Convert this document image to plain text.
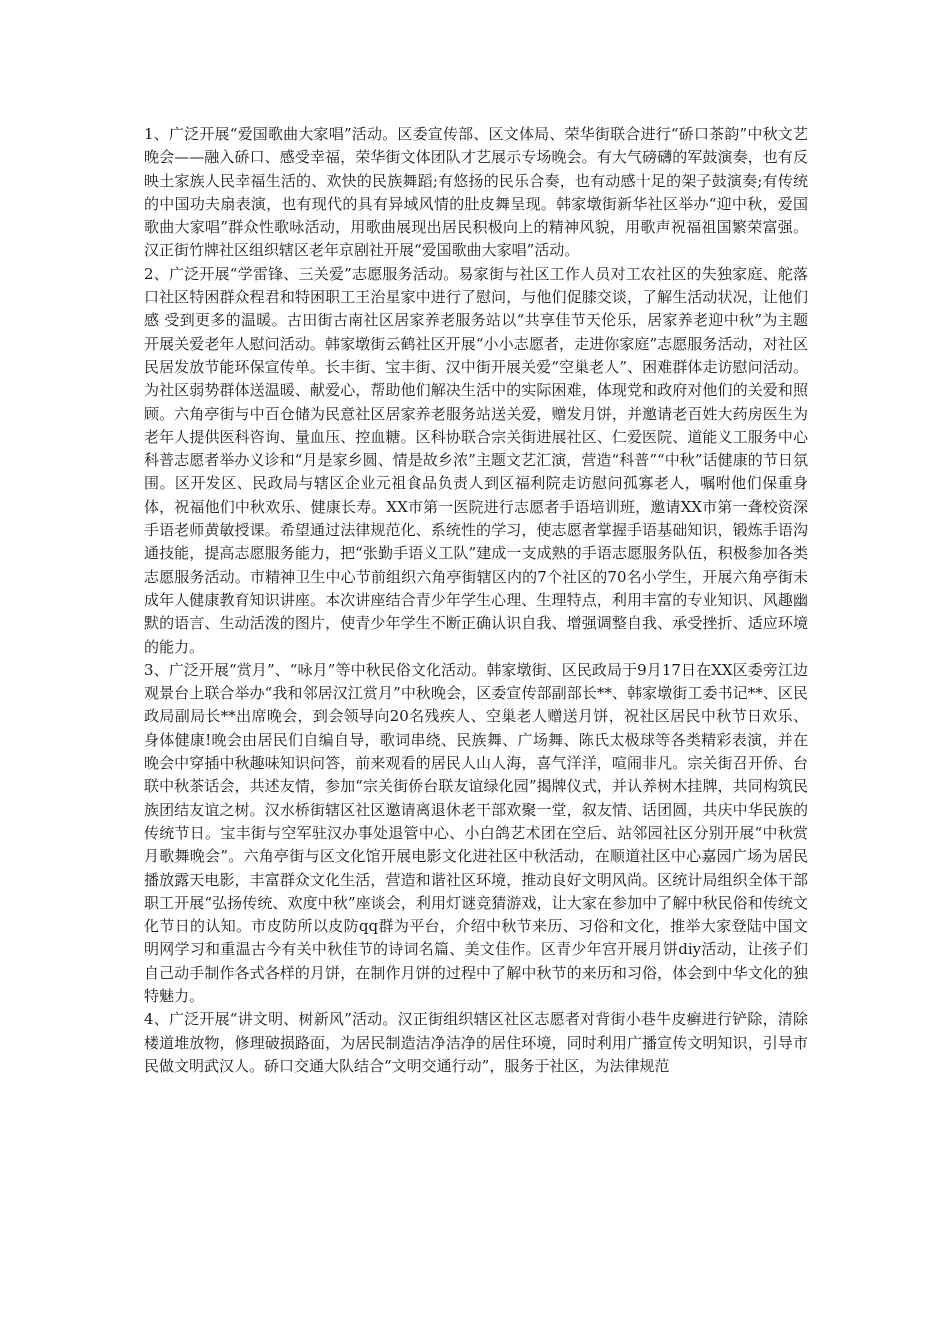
1、广泛开展“爱国歌曲大家唱”活动。区委宣传部、区文体局、荣华街联合进行“硚口茶韵”中秋文艺晚会——融入硚口、感受幸福，荣华街文体团队才艺展示专场晚会。有大气磅礴的军鼓演奏，也有反映土家族人民幸福生活的、欢快的民族舞蹈;有悠扬的民乐合奏，也有动感十足的架子鼓演奏;有传统的中国功夫扇表演，也有现代的具有异域风情的肚皮舞呈现。韩家墩街新华社区举办“迎中秋，爱国歌曲大家唱”群众性歌咏活动，用歌曲展现出居民积极向上的精神风貌，用歌声祝福祖国繁荣富强。汉正街竹牌社区组织辖区老年京剧社开展“爱国歌曲大家唱”活动。

2、广泛开展“学雷锋、三关爱”志愿服务活动。易家街与社区工作人员对工农社区的失独家庭、舵落口社区特困群众程君和特困职工王治星家中进行了慰问，与他们促膝交谈，了解生活动状况，让他们感 受到更多的温暖。古田街古南社区居家养老服务站以“共享佳节天伦乐，居家养老迎中秋”为主题开展关爱老年人慰问活动。韩家墩街云鹤社区开展“小小志愿者，走进你家庭”志愿服务活动，对社区民居发放节能环保宣传单。长丰街、宝丰街、汉中街开展关爱“空巢老人”、困难群体走访慰问活动。为社区弱势群体送温暖、献爱心，帮助他们解决生活中的实际困难，体现党和政府对他们的关爱和照顾。六角亭街与中百仓储为民意社区居家养老服务站送关爱，赠发月饼，并邀请老百姓大药房医生为老年人提供医科咨询、量血压、控血糖。区科协联合宗关街进展社区、仁爱医院、道能义工服务中心科普志愿者举办义诊和“月是家乡圆、情是故乡浓”主题文艺汇演，营造“科普”“中秋”话健康的节日氛围。区开发区、民政局与辖区企业元祖食品负责人到区福利院走访慰问孤寡老人，嘱咐他们保重身体，祝福他们中秋欢乐、健康长寿。XX市第一医院进行志愿者手语培训班，邀请XX市第一聋校资深手语老师黄敏授课。希望通过法律规范化、系统性的学习，使志愿者掌握手语基础知识，锻炼手语沟通技能，提高志愿服务能力，把“张勤手语义工队”建成一支成熟的手语志愿服务队伍，积极参加各类志愿服务活动。市精神卫生中心节前组织六角亭街辖区内的7个社区的70名小学生，开展六角亭街未成年人健康教育知识讲座。本次讲座结合青少年学生心理、生理特点，利用丰富的专业知识、风趣幽默的语言、生动活泼的图片，使青少年学生不断正确认识自我、增强调整自我、承受挫折、适应环境的能力。

3、广泛开展“赏月”、“咏月”等中秋民俗文化活动。韩家墩街、区民政局于9月17日在XX区委旁江边观景台上联合举办“我和邻居汉江赏月”中秋晚会，区委宣传部副部长**、韩家墩街工委书记**、区民政局副局长**出席晚会，到会领导向20名残疾人、空巢老人赠送月饼，祝社区居民中秋节日欢乐、身体健康!晚会由居民们自编自导，歌词串绕、民族舞、广场舞、陈氏太极球等各类精彩表演，并在晚会中穿插中秋趣味知识问答，前来观看的居民人山人海，喜气洋洋，喧闹非凡。宗关街召开侨、台联中秋茶话会，共述友情，参加“宗关街侨台联友谊绿化园”揭牌仪式，并认养树木挂牌，共同构筑民族团结友谊之树。汉水桥街辖区社区邀请离退休老干部欢聚一堂，叙友情、话团圆，共庆中华民族的传统节日。宝丰街与空军驻汉办事处退管中心、小白鸽艺术团在空后、站邻园社区分别开展“中秋赏月歌舞晚会”。六角亭街与区文化馆开展电影文化进社区中秋活动，在顺道社区中心嘉园广场为居民播放露天电影，丰富群众文化生活，营造和谐社区环境，推动良好文明风尚。区统计局组织全体干部职工开展“弘扬传统、欢度中秋”座谈会，利用灯谜竞猜游戏，让大家在参加中了解中秋民俗和传统文化节日的认知。市皮防所以皮防qq群为平台，介绍中秋节来历、习俗和文化，推举大家登陆中国文明网学习和重温古今有关中秋佳节的诗词名篇、美文佳作。区青少年宫开展月饼diy活动，让孩子们自己动手制作各式各样的月饼，在制作月饼的过程中了解中秋节的来历和习俗，体会到中华文化的独特魅力。

4、广泛开展“讲文明、树新风”活动。汉正街组织辖区社区志愿者对背街小巷牛皮癣进行铲除，清除楼道堆放物，修理破损路面，为居民制造洁净洁净的居住环境，同时利用广播宣传文明知识，引导市民做文明武汉人。硚口交通大队结合“文明交通行动”，服务于社区，为法律规范
